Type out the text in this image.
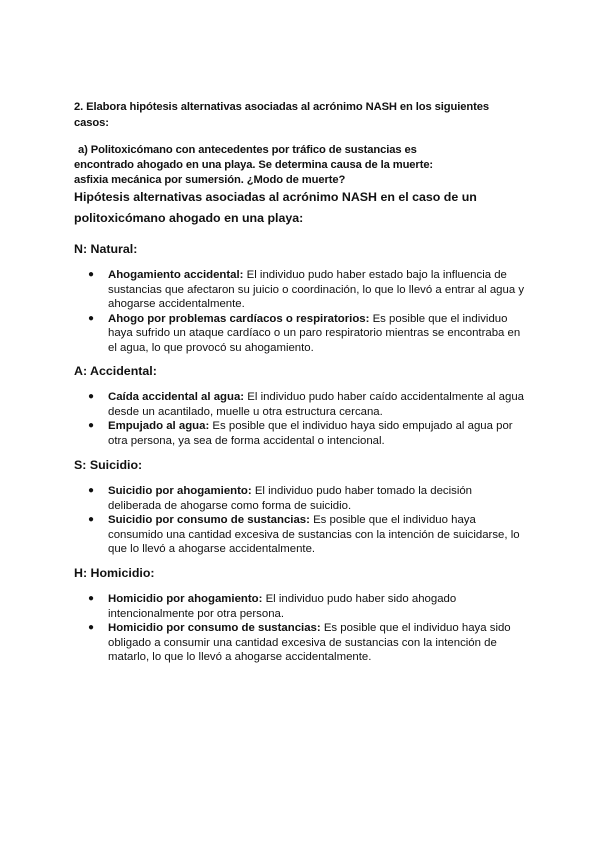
2. Elabora hipótesis alternativas asociadas al acrónimo NASH en los siguientes
casos:
a) Politoxicómano con antecedentes por tráfico de sustancias es
encontrado ahogado en una playa. Se determina causa de la muerte:
asfixia mecánica por sumersión. ¿Modo de muerte?
Hipótesis alternativas asociadas al acrónimo NASH en el caso de un
politoxicómano ahogado en una playa:
N: Natural:
● Ahogamiento accidental: El individuo pudo haber estado bajo la influencia de sustancias que afectaron su juicio o coordinación, lo que lo llevó a entrar al agua y ahogarse accidentalmente.
● Ahogo por problemas cardíacos o respiratorios: Es posible que el individuo haya sufrido un ataque cardíaco o un paro respiratorio mientras se encontraba en el agua, lo que provocó su ahogamiento.
A: Accidental:
● Caída accidental al agua: El individuo pudo haber caído accidentalmente al agua desde un acantilado, muelle u otra estructura cercana.
● Empujado al agua: Es posible que el individuo haya sido empujado al agua por otra persona, ya sea de forma accidental o intencional.
S: Suicidio:
● Suicidio por ahogamiento: El individuo pudo haber tomado la decisión deliberada de ahogarse como forma de suicidio.
● Suicidio por consumo de sustancias: Es posible que el individuo haya consumido una cantidad excesiva de sustancias con la intención de suicidarse, lo que lo llevó a ahogarse accidentalmente.
H: Homicidio:
● Homicidio por ahogamiento: El individuo pudo haber sido ahogado intencionalmente por otra persona.
● Homicidio por consumo de sustancias: Es posible que el individuo haya sido obligado a consumir una cantidad excesiva de sustancias con la intención de matarlo, lo que lo llevó a ahogarse accidentalmente.
